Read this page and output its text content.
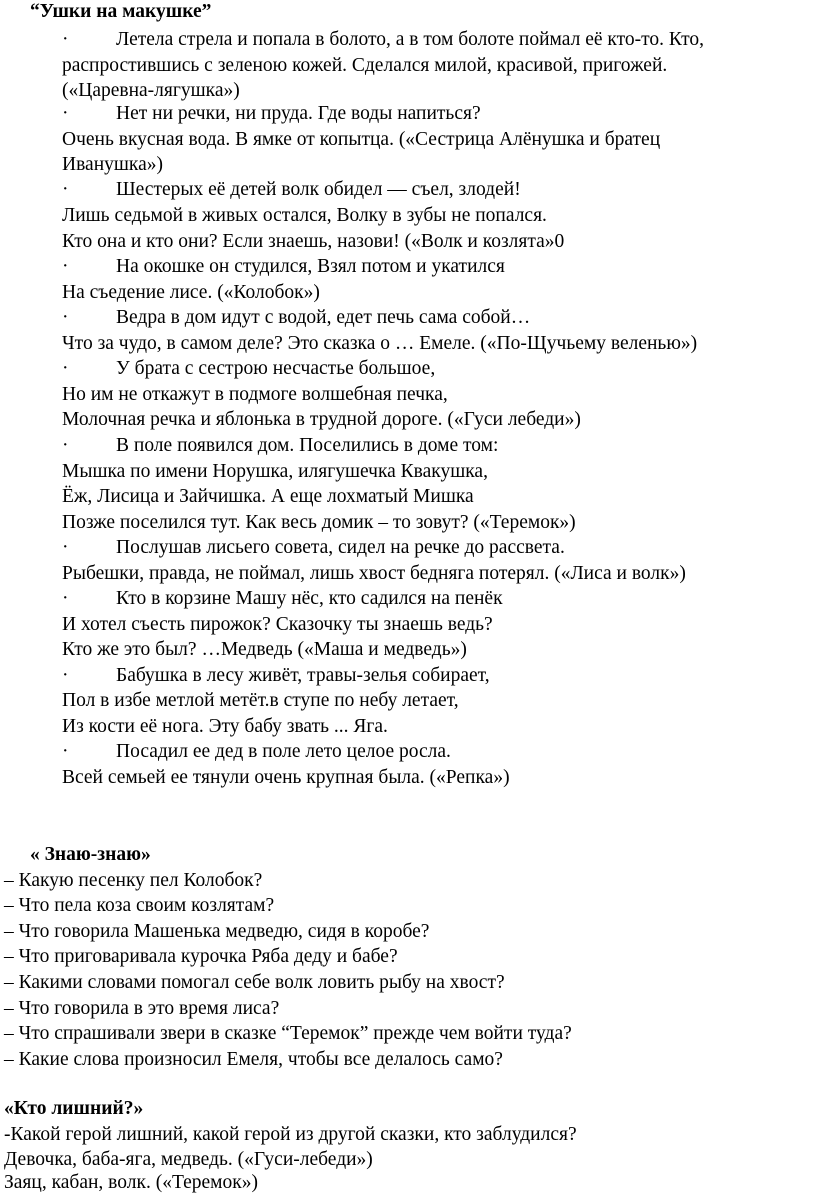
“Ушки на макушке”
· Летела стрела и попала в болото, а в том болоте поймал её кто-то. Кто,
распростившись с зеленою кожей. Сделался милой, красивой, пригожей.
(«Царевна-лягушка»)
· Нет ни речки, ни пруда. Где воды напиться?
Очень вкусная вода. В ямке от копытца. («Сестрица Алёнушка и братец
Иванушка»)
· Шестерых её детей волк обидел — съел, злодей!
Лишь седьмой в живых остался, Волку в зубы не попался.
Кто она и кто они? Если знаешь, назови! («Волк и козлята»0
· На окошке он студился, Взял потом и укатился
На съедение лисе. («Колобок»)
· Ведра в дом идут с водой, едет печь сама собой…
Что за чудо, в самом деле? Это сказка о … Емеле. («По-Щучьему веленью»)
· У брата с сестрою несчастье большое,
Но им не откажут в подмоге волшебная печка,
Молочная речка и яблонька в трудной дороге. («Гуси лебеди»)
· В поле появился дом. Поселились в доме том:
Мышка по имени Норушка, илягушечка Квакушка,
Ёж, Лисица и Зайчишка. А еще лохматый Мишка
Позже поселился тут. Как весь домик – то зовут? («Теремок»)
· Послушав лисьего совета, сидел на речке до рассвета.
Рыбешки, правда, не поймал, лишь хвост бедняга потерял. («Лиса и волк»)
· Кто в корзине Машу нёс, кто садился на пенёк
И хотел съесть пирожок? Сказочку ты знаешь ведь?
Кто же это был? …Медведь («Маша и медведь»)
· Бабушка в лесу живёт, травы-зелья собирает,
Пол в избе метлой метёт.в ступе по небу летает,
Из кости её нога. Эту бабу звать ... Яга.
· Посадил ее дед в поле лето целое росла.
Всей семьей ее тянули очень крупная была. («Репка»)
« Знаю-знаю»
– Какую песенку пел Колобок?
– Что пела коза своим козлятам?
– Что говорила Машенька медведю, сидя в коробе?
– Что приговаривала курочка Ряба деду и бабе?
– Какими словами помогал себе волк ловить рыбу на хвост?
– Что говорила в это время лиса?
– Что спрашивали звери в сказке “Теремок” прежде чем войти туда?
– Какие слова произносил Емеля, чтобы все делалось само?
«Кто лишний?»
-Какой герой лишний, какой герой из другой сказки, кто заблудился?
Девочка, баба-яга, медведь. («Гуси-лебеди»)
Заяц, кабан, волк. («Теремок»)
